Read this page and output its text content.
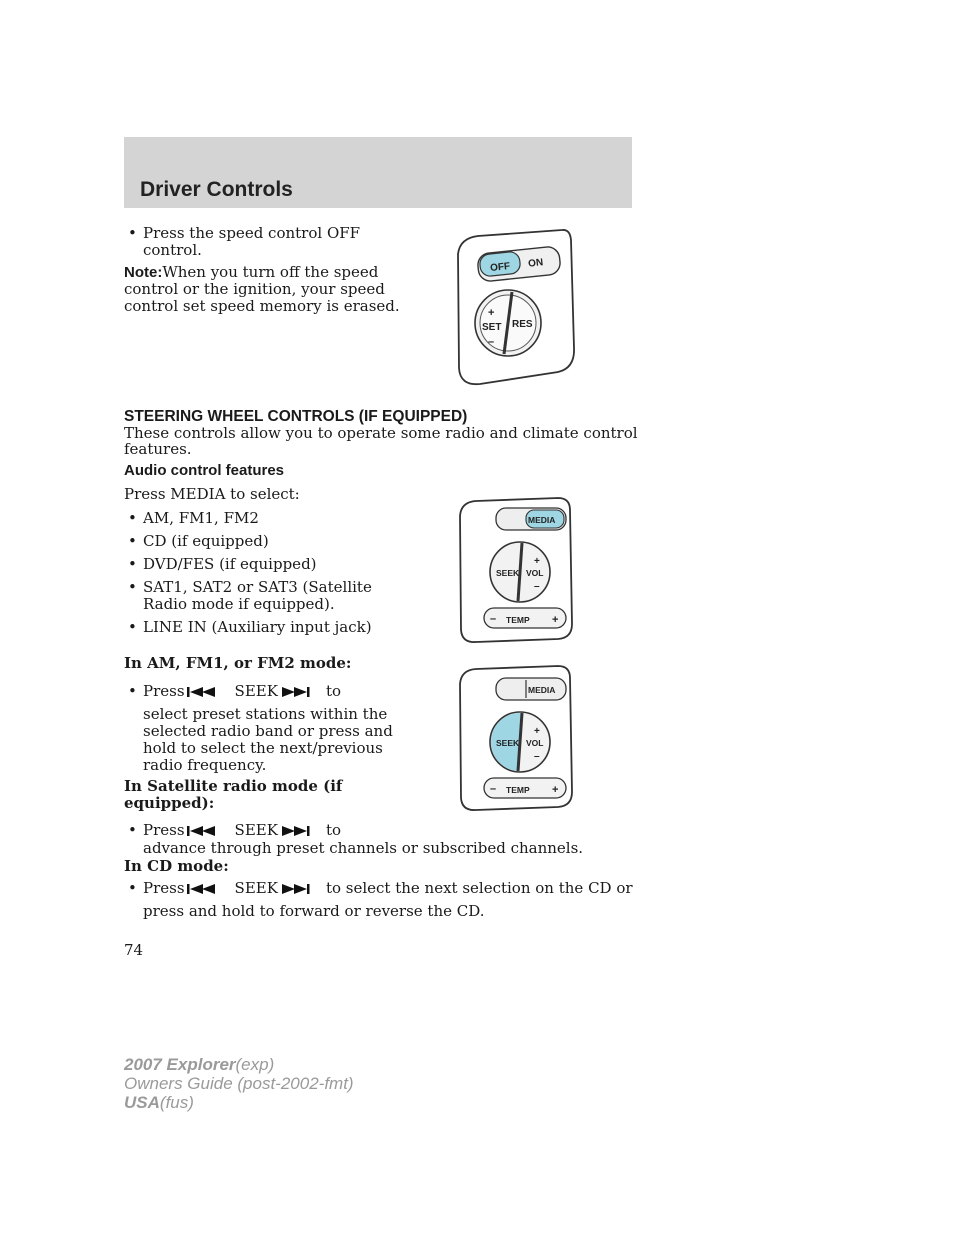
Driver Controls
• Press the speed control OFF

control.

Note:When you turn off the speed

control or the ignition, your speed

control set speed memory is erased.

OFF ON
+
SET
–
RES

STEERING WHEEL CONTROLS (IF EQUIPPED)

These controls allow you to operate some radio and climate control

features.

Audio control features

Press MEDIA to select:

• AM, FM1, FM2

• CD (if equipped)

• DVD/FES (if equipped)

• SAT1, SAT2 or SAT3 (Satellite

Radio mode if equipped).

• LINE IN (Auxiliary input jack)

MEDIA
SEEK VOL
+
–
– TEMP +

In AM, FM1, or FM2 mode:

• Press	SEEK	to

select preset stations within the

selected radio band or press and

hold to select the next/previous

radio frequency.

MEDIA
SEEK VOL
+
–
– TEMP +

In Satellite radio mode (if

equipped):

• Press	SEEK	to

advance through preset channels or subscribed channels.

In CD mode:

• Press	SEEK	to select the next selection on the CD or

press and hold to forward or reverse the CD.

74
2007 Explorer(exp)
Owners Guide (post-2002-fmt)
USA(fus)
